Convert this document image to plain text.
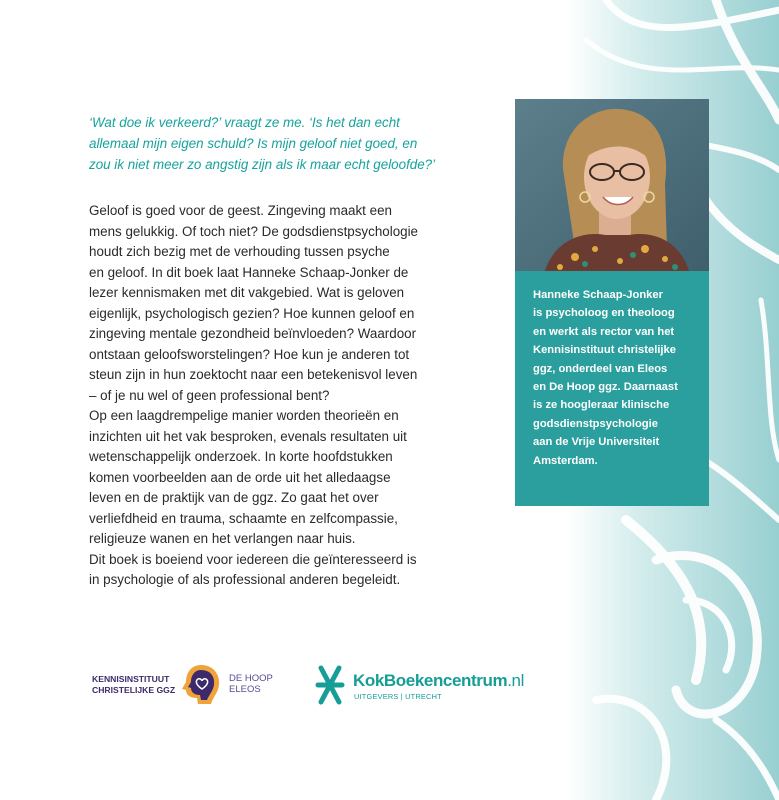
‘Wat doe ik verkeerd?’ vraagt ze me. ‘Is het dan echt

allemaal mijn eigen schuld? Is mijn geloof niet goed, en

zou ik niet meer zo angstig zijn als ik maar echt geloofde?’

Geloof is goed voor de geest. Zingeving maakt een
mens gelukkig. Of toch niet? De godsdienstpsychologie
houdt zich bezig met de verhouding tussen psyche
en geloof. In dit boek laat Hanneke Schaap-Jonker de
lezer kennismaken met dit vakgebied. Wat is geloven
eigenlijk, psychologisch gezien? Hoe kunnen geloof en
zingeving mentale gezondheid beïnvloeden? Waardoor
ontstaan geloofsworstelingen? Hoe kun je anderen tot
steun zijn in hun zoektocht naar een betekenisvol leven
– of je nu wel of geen professional bent?
Op een laagdrempelige manier worden theorieën en
inzichten uit het vak besproken, evenals resultaten uit
wetenschappelijk onderzoek. In korte hoofdstukken
komen voorbeelden aan de orde uit het alledaagse
leven en de praktijk van de ggz. Zo gaat het over
verliefdheid en trauma, schaamte en zelfcompassie,
religieuze wanen en het verlangen naar huis.
Dit boek is boeiend voor iedereen die geïnteresseerd is
in psychologie of als professional anderen begeleidt.
Hanneke Schaap-Jonker
is psycholoog en theoloog
en werkt als rector van het
Kennisinstituut christelijke
ggz, onderdeel van Eleos
en De Hoop ggz. Daarnaast
is ze hoogleraar klinische
godsdienstpsychologie
aan de Vrije Universiteit
Amsterdam.
KENNISINSTITUUT
CHRISTELIJKE GGZ
DE HOOP
ELEOS	KokBoekencentrum.nl
UITGEVERS | UTRECHT
